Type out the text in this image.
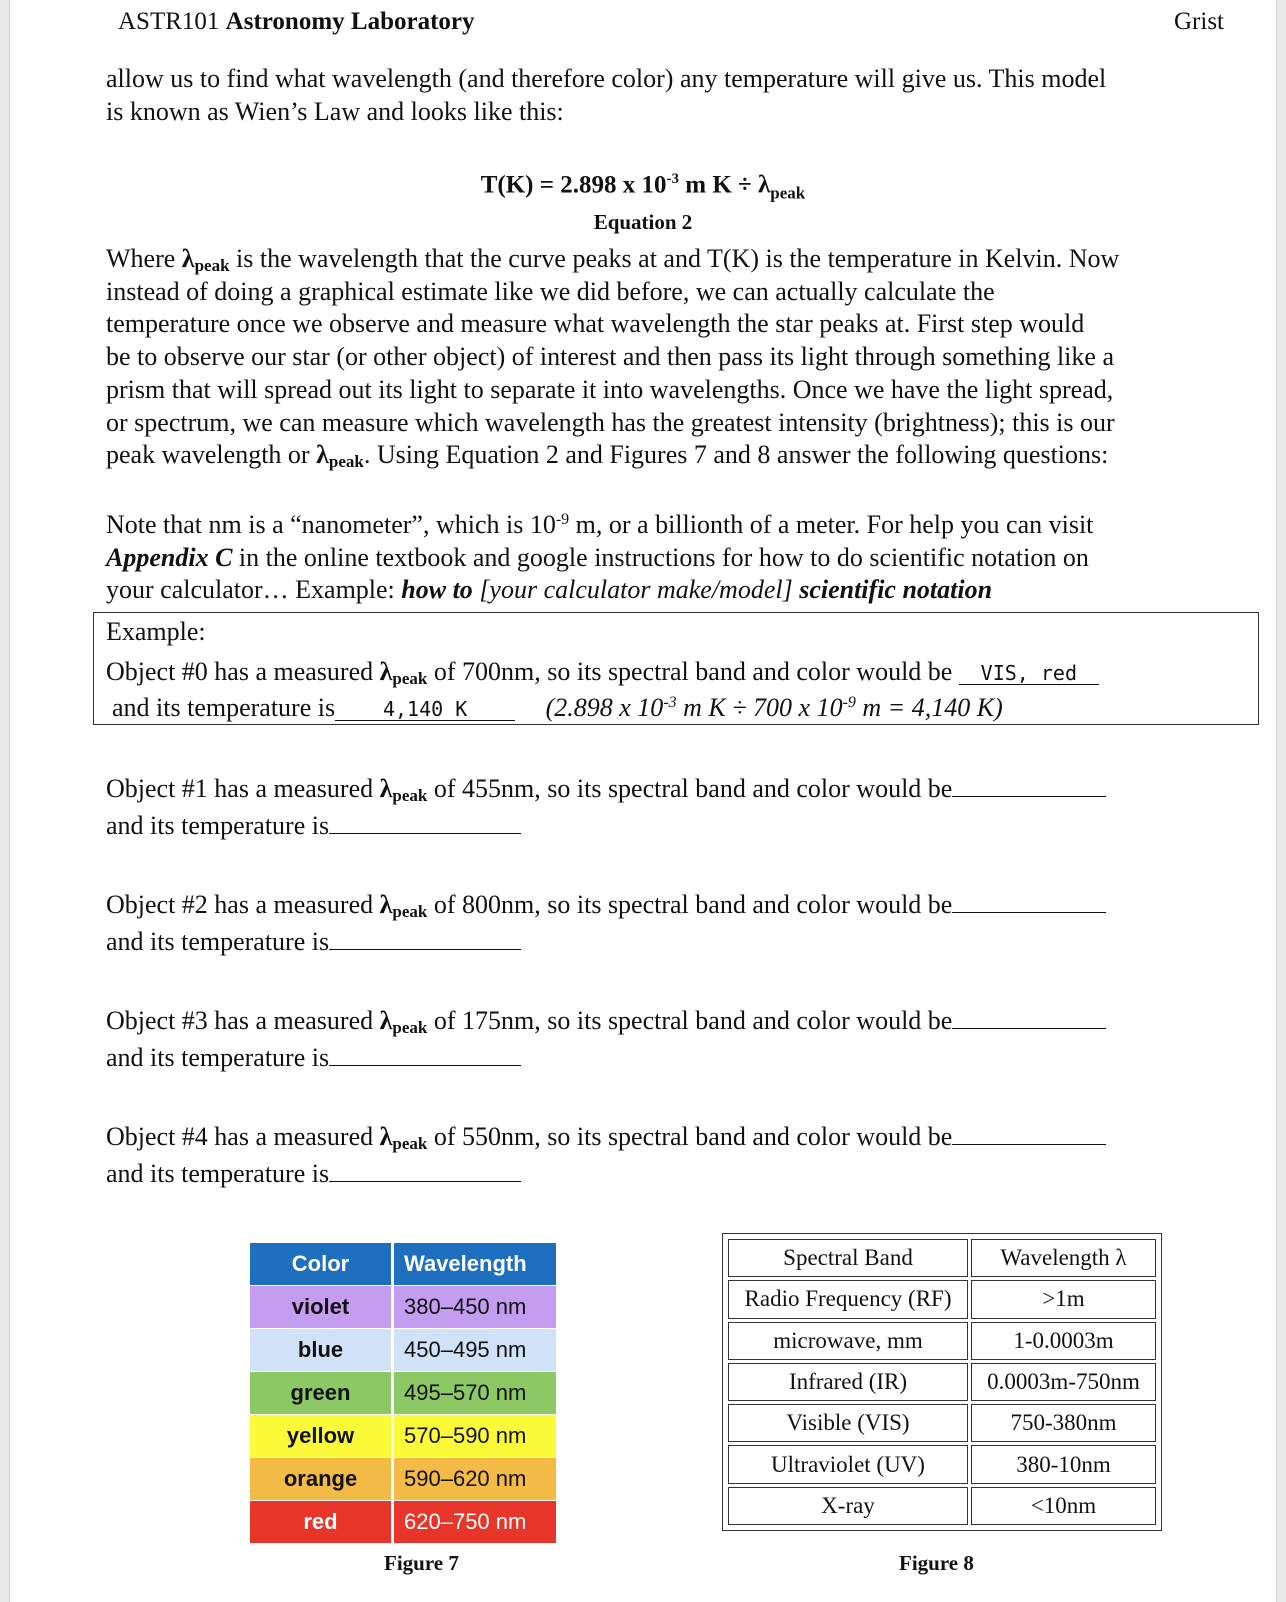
ASTR101 Astronomy Laboratory	Grist
allow us to find what wavelength (and therefore color) any temperature will give us. This model
is known as Wien’s Law and looks like this:
T(K) = 2.898 x $10^{-3}$ m $K \div \lambda_{peak}$
Equation 2
Where $\lambda_{peak}$ is the wavelength that the curve peaks at and T(K) is the temperature in Kelvin. Now
instead of doing a graphical estimate like we did before, we can actually calculate the
temperature once we observe and measure what wavelength the star peaks at. First step would
be to observe our star (or other object) of interest and then pass its light through something like a
prism that will spread out its light to separate it into wavelengths. Once we have the light spread,
or spectrum, we can measure which wavelength has the greatest intensity (brightness); this is our
peak wavelength or $\lambda_{peak}$. Using Equation 2 and Figures 7 and 8 answer the following questions:
Note that nm is a “nanometer”, which is $10^{-9}$ m, or a billionth of a meter. For help you can visit
Appendix C in the online textbook and google instructions for how to do scientific notation on
your calculator… Example: how to [your calculator make/model] scientific notation
Example:
Object #0 has a measured $\lambda_{peak}$ of 700nm, so its spectral band and color would be VIS, red
and its temperature is 4,140 K	(2.898 x $10^{-3}$ m K ÷ 700 x $10^{-9}$ m = 4,140 K)
Object #1 has a measured $\lambda_{peak}$ of 455nm, so its spectral band and color would be
and its temperature is
Object #2 has a measured $\lambda_{peak}$ of 800nm, so its spectral band and color would be
and its temperature is
Object #3 has a measured $\lambda_{peak}$ of 175nm, so its spectral band and color would be
and its temperature is
Object #4 has a measured $\lambda_{peak}$ of 550nm, so its spectral band and color would be
and its temperature is
Color	Wavelength
violet	380–450 nm
blue	450–495 nm
green	495–570 nm
yellow	570–590 nm
orange	590–620 nm
red	620–750 nm
Figure 7
Spectral Band	Wavelength λ
Radio Frequency (RF)	>1m
microwave, mm	1-0.0003m
Infrared (IR)	0.0003m-750nm
Visible (VIS)	750-380nm
Ultraviolet (UV)	380-10nm
X-ray	<10nm
Figure 8
